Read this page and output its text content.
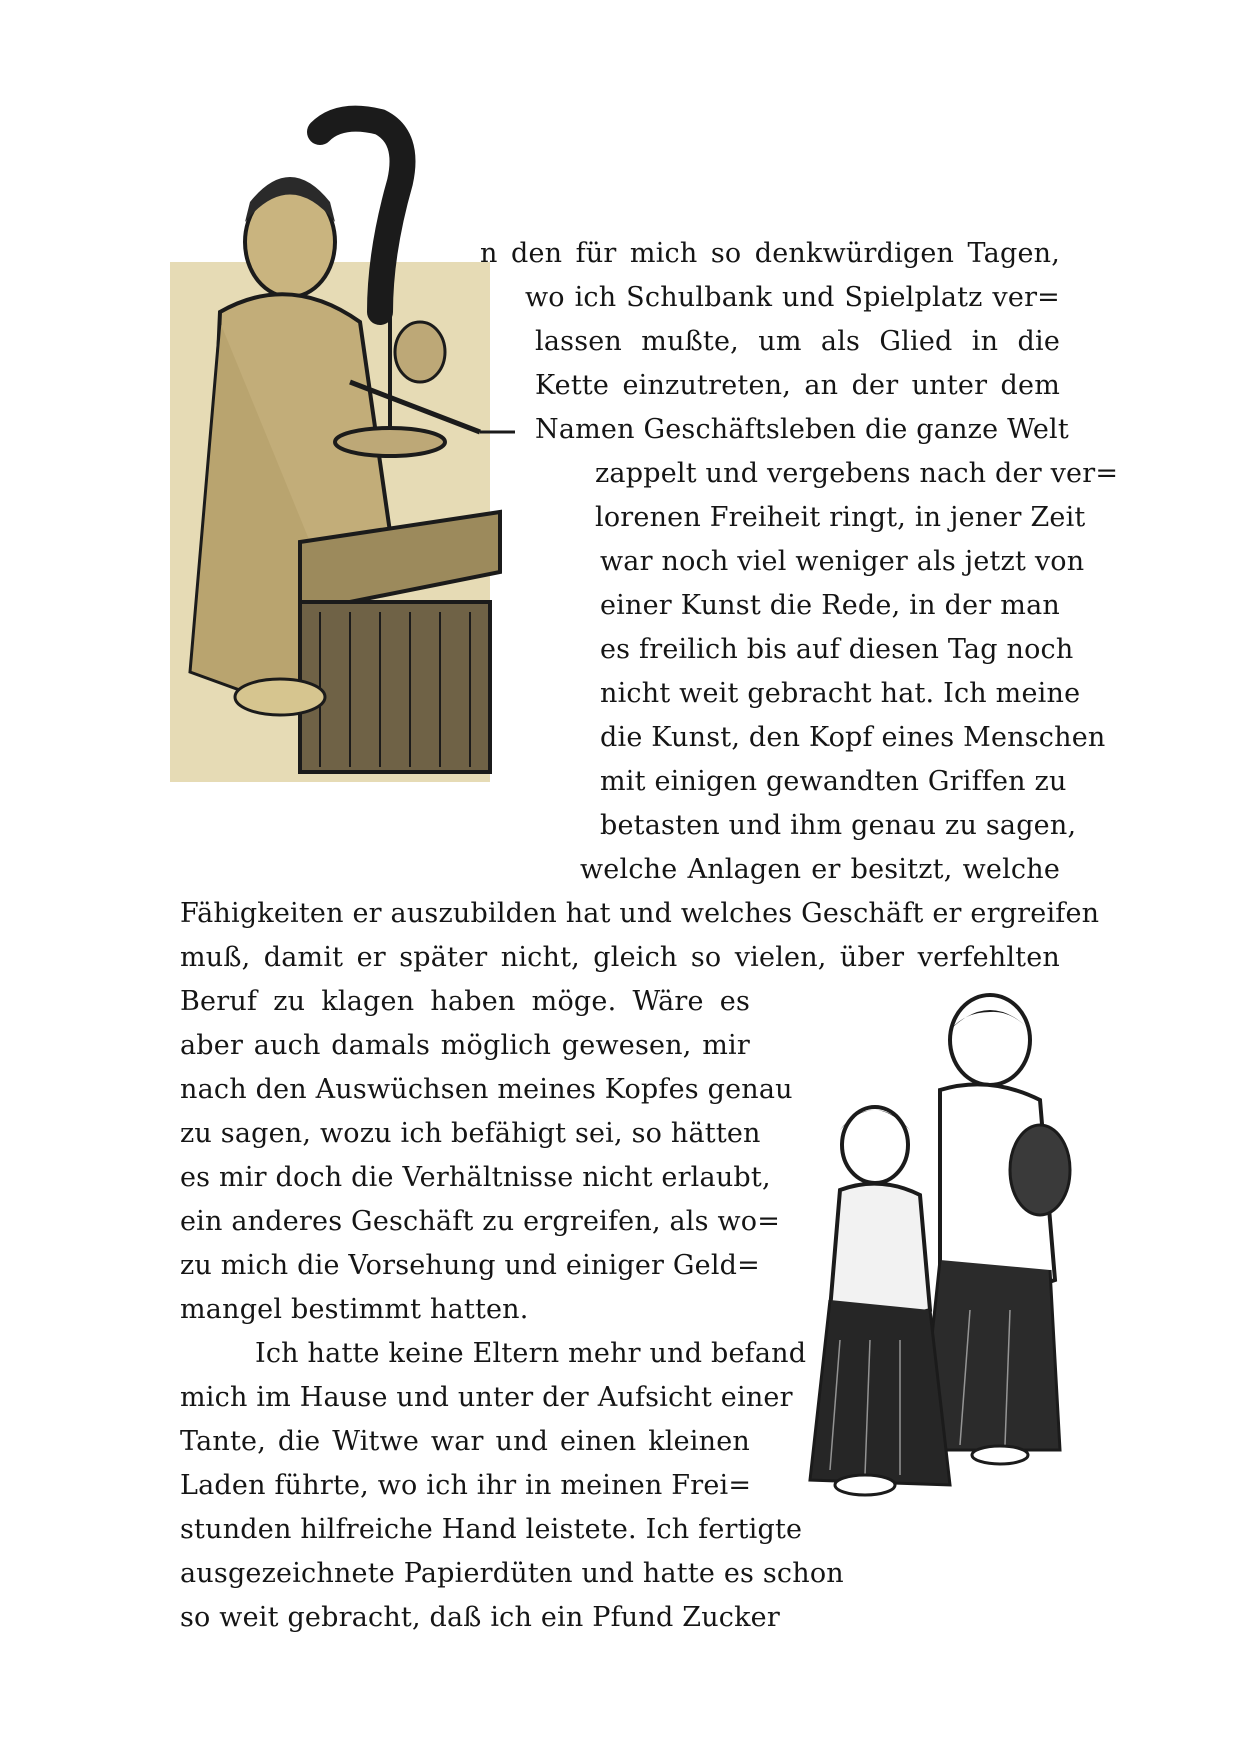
n den für mich so denkwürdigen Tagen,
wo ich Schulbank und Spielplatz ver=
lassen mußte, um als Glied in die
Kette einzutreten, an der unter dem
Namen Geschäftsleben die ganze Welt
zappelt und vergebens nach der ver=
lorenen Freiheit ringt, in jener Zeit
war noch viel weniger als jetzt von
einer Kunst die Rede, in der man
es freilich bis auf diesen Tag noch
nicht weit gebracht hat. Ich meine
die Kunst, den Kopf eines Menschen
mit einigen gewandten Griffen zu
betasten und ihm genau zu sagen,
welche Anlagen er besitzt, welche
Fähigkeiten er auszubilden hat und welches Geschäft er ergreifen
muß, damit er später nicht, gleich so vielen, über verfehlten
Beruf zu klagen haben möge. Wäre es
aber auch damals möglich gewesen, mir
nach den Auswüchsen meines Kopfes genau
zu sagen, wozu ich befähigt sei, so hätten
es mir doch die Verhältnisse nicht erlaubt,
ein anderes Geschäft zu ergreifen, als wo=
zu mich die Vorsehung und einiger Geld=
mangel bestimmt hatten.
Ich hatte keine Eltern mehr und befand
mich im Hause und unter der Aufsicht einer
Tante, die Witwe war und einen kleinen
Laden führte, wo ich ihr in meinen Frei=
stunden hilfreiche Hand leistete. Ich fertigte
ausgezeichnete Papierdüten und hatte es schon
so weit gebracht, daß ich ein Pfund Zucker
